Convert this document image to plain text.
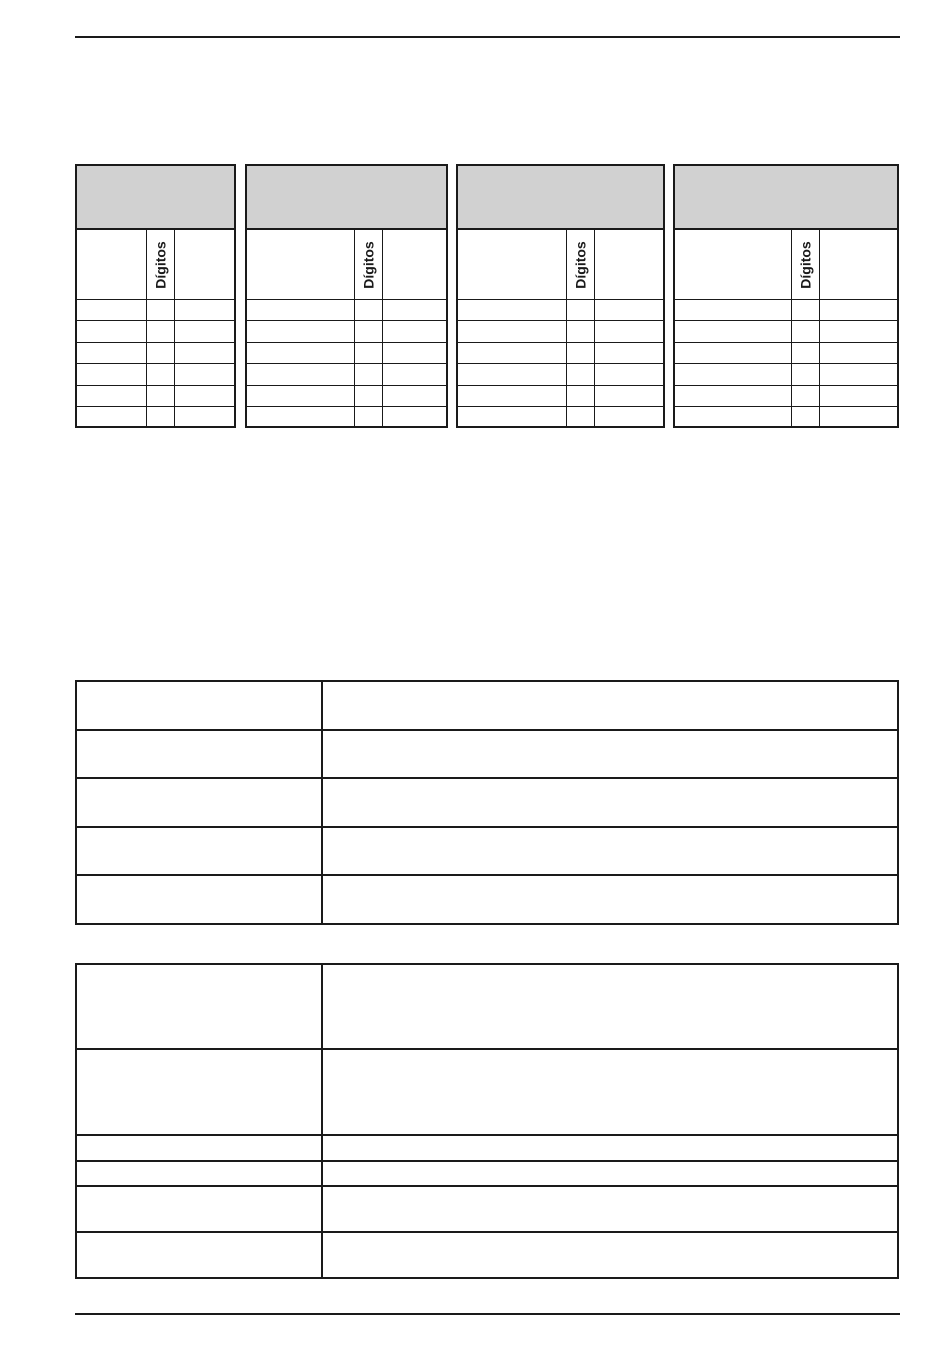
Dígitos	Dígitos	Dígitos	Dígitos
